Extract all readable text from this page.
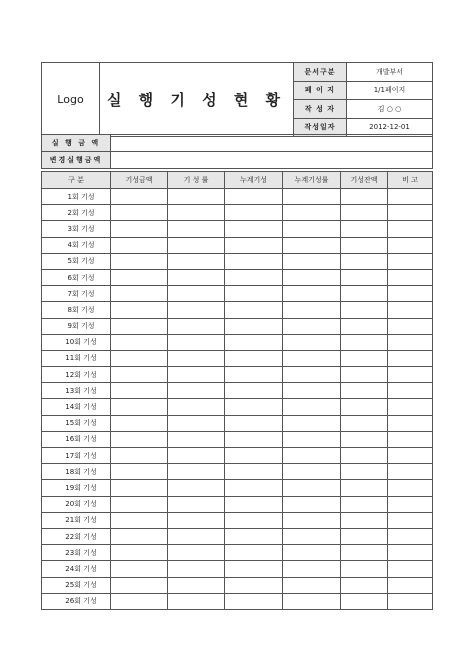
Logo	실 행 기 성 현 황	문서구분	개발부서
		페 이 지	1/1페이지
		작 성 자	김 ○ ○
		작성일자	2012-12-01
실 행 금 액	
변경실행금액	
구 분	기성금액	기 성 률	누계기성	누계기성률	기성잔액	비 고
1회 기성						
2회 기성						
3회 기성						
4회 기성						
5회 기성						
6회 기성						
7회 기성						
8회 기성						
9회 기성						
10회 기성						
11회 기성						
12회 기성						
13회 기성						
14회 기성						
15회 기성						
16회 기성						
17회 기성						
18회 기성						
19회 기성						
20회 기성						
21회 기성						
22회 기성						
23회 기성						
24회 기성						
25회 기성						
26회 기성						
